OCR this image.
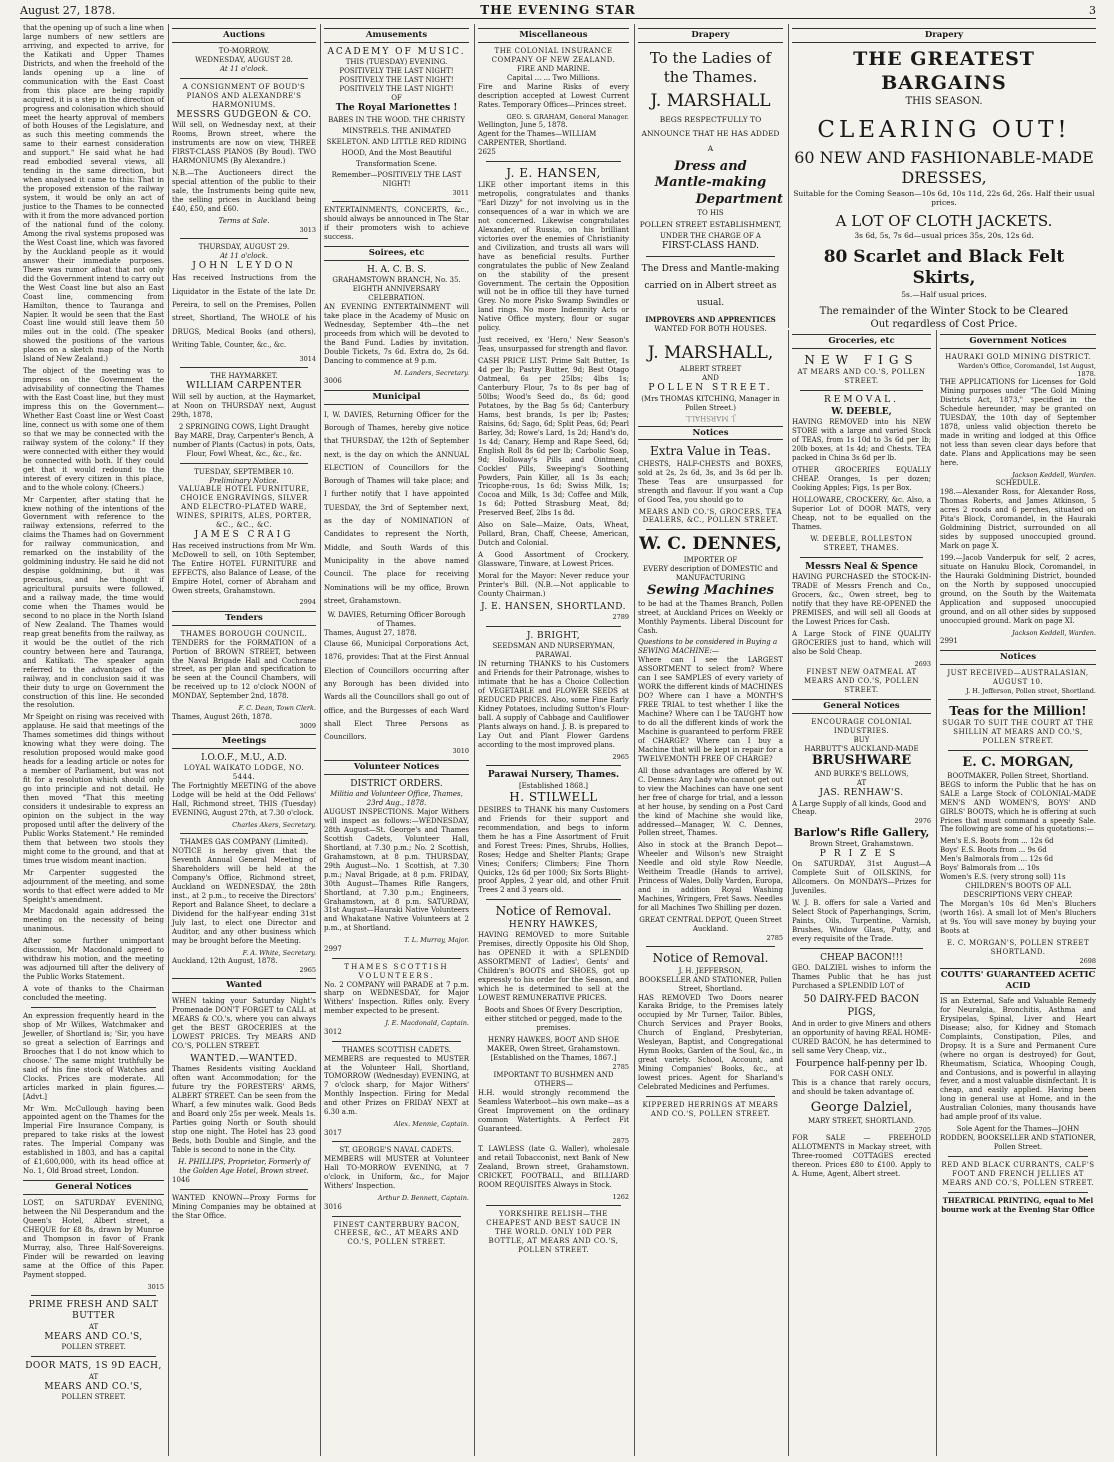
August 27, 1878.	THE EVENING STAR	3

that the opening up of such a line when large numbers of new settlers are arriving, and expected to arrive, for the Katikati and Upper Thames Districts, and when the freehold of the lands opening up a line of communication with the East Coast from this place are being rapidly acquired, it is a step in the direction of progress and colonisation which should meet the hearty approval of members of both Houses of the Legislature, and as such this meeting commends the same to their earnest consideration and support." He said what he had read embodied several views, all tending in the same direction, but when analysed it came to this: That in the proposed extension of the railway system, it would be only an act of justice to the Thames to be connected with it from the more advanced portion of the national fund of the colony. Among the rival systems proposed was the West Coast line, which was favored by the Auckland people as it would answer their immediate purposes. There was rumor afloat that not only did the Government intend to carry out the West Coast line but also an East Coast line, commencing from Hamilton, thence to Tauranga and Napier. It would be seen that the East Coast line would still leave them 50 miles out in the cold. (The speaker showed the positions of the various places on a sketch map of the North Island of New Zealand.)

The object of the meeting was to impress on the Government the advisability of connecting the Thames with the East Coast line, but they must impress this on the Government—Whether East Coast line or West Coast line, connect us with some one of them so that we may be connected with the railway system of the colony." If they were connected with either they would be connected with both. If they could get that it would redound to the interest of every citizen in this place, and to the whole colony. (Cheers.)

Mr Carpenter, after stating that he knew nothing of the intentions of the Government with reference to the railway extensions, referred to the claims the Thames had on Government for railway communication, and remarked on the instability of the goldmining industry. He said he did not despise goldmining, but it was precarious, and he thought if agricultural pursuits were followed, and a railway made, the time would come when the Thames would be second to no place in the North Island of New Zealand. The Thames would reap great benefits from the railway, as it would be the outlet of the rich country between here and Tauranga, and Katikati. The speaker again referred to the advantages of the railway, and in conclusion said it was their duty to urge on Government the construction of this line. He seconded the resolution.

Mr Speight on rising was received with applause. He said that meetings of the Thames sometimes did things without knowing what they were doing. The resolution proposed would make good heads for a leading article or notes for a member of Parliament, but was not fit for a resolution which should only go into principle and not detail. He then moved "That this meeting considers it undesirable to express an opinion on the subject in the way proposed until after the delivery of the Public Works Statement." He reminded them that between two stools they might come to the ground, and that at times true wisdom meant inaction.

Mr Carpenter suggested the adjournment of the meeting, and some words to that effect were added to Mr Speight's amendment.

Mr Macdonald again addressed the meeting on the necessity of being unanimous.

After some further unimportant discussion, Mr Macdonald agreed to withdraw his motion, and the meeting was adjourned till after the delivery of the Public Works Statement.

A vote of thanks to the Chairman concluded the meeting.

An expression frequently heard in the shop of Mr Wilkes, Watchmaker and Jeweller, of Shortland is; 'Sir, you have so great a selection of Earrings and Brooches that I do not know which to choose.' The same might truthfully be said of his fine stock of Watches and Clocks. Prices are moderate. All articles marked in plain figures.—[Advt.]

Mr Wm. McCullough having been appointed agent on the Thames for the Imperial Fire Insurance Company, is prepared to take risks at the lowest rates. The Imperial Company was established in 1803, and has a capital of £1,600,000, with its head office at No. 1, Old Broad street, London.

General Notices

LOST, on SATURDAY EVENING, between the Nil Desperandum and the Queen's Hotel, Albert street, a CHEQUE for £8 8s, drawn by Munroe and Thompson in favor of Frank Murray, also, Three Half-Sovereigns. Finder will be rewarded on leaving same at the Office of this Paper. Payment stopped.

3015
PRIME FRESH AND SALT BUTTER
AT
MEARS AND CO.'S,
POLLEN STREET.
DOOR MATS, 1S 9D EACH,
AT
MEARS AND CO.'S,
POLLEN STREET.
Auctions
TO-MORROW.
WEDNESDAY, AUGUST 28.
At 11 o'clock.
A CONSIGNMENT OF BOUD'S PIANOS AND ALEXANDRE'S HARMONIUMS.
MESSRS GUDGEON & CO.

Will sell, on Wednesday next, at their Rooms, Brown street, where the instruments are now on view, THREE FIRST-CLASS PIANOS (By Boud). TWO HARMONIUMS (By Alexandre.)

N.B.—The Auctioneers direct the special attention of the public to their sale, the Instruments being quite new, the selling prices in Auckland being £40, £50, and £60.

Terms at Sale.
3013
THURSDAY, AUGUST 29.
At 11 o'clock.
JOHN LEYDON

Has received Instructions from the Liquidator in the Estate of the late Dr. Pereira, to sell on the Premises, Pollen street, Shortland, The WHOLE of his DRUGS, Medical Books (and others), Writing Table, Counter, &c., &c.

3014
THE HAYMARKET.
WILLIAM CARPENTER

Will sell by auction, at the Haymarket, at Noon on THURSDAY next, August 29th, 1878,

2 SPRINGING COWS, Light Draught Bay MARE, Dray, Carpenter's Bench, A number of Plants (Cactus) in pots, Oats, Flour, Fowl Wheat, &c., &c., &c.

TUESDAY, SEPTEMBER 10.
Preliminary Notice.
VALUABLE HOTEL FURNITURE, CHOICE ENGRAVINGS, SILVER AND ELECTRO-PLATED WARE, WINES, SPIRITS, ALES, PORTER, &C., &C., &C.
JAMES CRAIG

Has received instructions from Mr Wm. McDowell to sell, on 10th September, The Entire HOTEL FURNITURE and EFFECTS, also Balance of Lease, of the Empire Hotel, corner of Abraham and Owen streets, Grahamstown.

2994
Tenders
THAMES BOROUGH COUNCIL.

TENDERS for the FORMATION of a Portion of BROWN STREET, between the Naval Brigade Hall and Cochrane street, as per plan and specification to be seen at the Council Chambers, will be received up to 12 o'clock NOON of MONDAY, September 2nd, 1878.

F. C. Dean, Town Clerk.
Thames, August 26th, 1878.
3009
Meetings
I.O.O.F., M.U., A.D.
LOYAL WAIKATO LODGE, NO. 5444.

The Fortnightly MEETING of the above Lodge will be held at the Odd Fellows' Hall, Richmond street, THIS (Tuesday) EVENING, August 27th, at 7.30 o'clock.

Charles Akers, Secretary.
THAMES GAS COMPANY (Limited).

NOTICE is hereby given that the Seventh Annual General Meeting of Shareholders will be held at the Company's Office, Richmond street, Auckland on WEDNESDAY, the 28th inst., at 2 p.m., to receive the Directors' Report and Balance Sheet, to declare a Dividend for the half-year ending 31st July last, to elect one Director and Auditor, and any other business which may be brought before the Meeting.

F. A. White, Secretary.
Auckland, 12th August, 1878.
2965
Wanted

WHEN taking your Saturday Night's Promenade DON'T FORGET to CALL at MEARS & CO.'s, where you can always get the BEST GROCERIES at the LOWEST PRICES. Try MEARS AND CO.'S, POLLEN STREET.

WANTED.—WANTED.

Thames Residents visiting Auckland often want Accommodation; for the future try the FORESTERS' ARMS, ALBERT STREET. Can be seen from the Wharf, a few minutes walk. Good Beds and Board only 25s per week. Meals 1s. Parties going North or South should stop one night. The Hotel has 23 good Beds, both Double and Single, and the Table is second to none in the City.

H. PHILLIPS, Proprietor, Formerly of the Golden Age Hotel, Brown street.
1046

WANTED KNOWN—Proxy Forms for Mining Companies may be obtained at the Star Office.

Amusements
ACADEMY OF MUSIC.
THIS (TUESDAY) EVENING.
POSITIVELY THE LAST NIGHT! POSITIVELY THE LAST NIGHT! POSITIVELY THE LAST NIGHT!
OF
The Royal Marionettes !
BABES IN THE WOOD. THE CHRISTY MINSTRELS. THE ANIMATED SKELETON. AND LITTLE RED RIDING HOOD, And the Most Beautiful Transformation Scene.
Remember—POSITIVELY THE LAST NIGHT!
3011

ENTERTAINMENTS, CONCERTS, &c., should always be announced in The Star if their promoters wish to achieve success.

Soirees, etc
H. A. C. B. S.
GRAHAMSTOWN BRANCH, No. 35.
EIGHTH ANNIVERSARY CELEBRATION.

AN EVENING ENTERTAINMENT will take place in the Academy of Music on Wednesday, September 4th—the net proceeds from which will be devoted to the Band Fund. Ladies by invitation. Double Tickets, 7s 6d. Extra do, 2s 6d. Dancing to commence at 9 p.m.

M. Landers, Secretary.
3006
Municipal

I, W. DAVIES, Returning Officer for the Borough of Thames, hereby give notice that THURSDAY, the 12th of September next, is the day on which the ANNUAL ELECTION of Councillors for the Borough of Thames will take place; and I further notify that I have appointed TUESDAY, the 3rd of September next, as the day of NOMINATION of Candidates to represent the North, Middle, and South Wards of this Municipality in the above named Council. The place for receiving Nominations will be my office, Brown street, Grahamstown.

W. DAVIES, Returning Officer Borough of Thames.
Thames, August 27, 1878.

Clause 66, Municipal Corporations Act, 1876, provides: That at the First Annual Election of Councillors occurring after any Borough has been divided into Wards all the Councillors shall go out of office, and the Burgesses of each Ward shall Elect Three Persons as Councillors.

3010
Volunteer Notices
DISTRICT ORDERS.
Militia and Volunteer Office, Thames, 23rd Aug., 1878.

AUGUST INSPECTIONS. Major Withers will inspect as follows:—WEDNESDAY, 28th August—St. George's and Thames Scottish Cadets, Volunteer Hall, Shortland, at 7.30 p.m.; No. 2 Scottish, Grahamstown, at 8 p.m. THURSDAY, 29th August—No. 1 Scottish, at 7.30 p.m.; Naval Brigade, at 8 p.m. FRIDAY, 30th August—Thames Rifle Rangers, Shortland, at 7.30 p.m.; Engineers, Grahamstown, at 8 p.m. SATURDAY, 31st August—Hauraki Native Volunteers and Whakatane Native Volunteers at 2 p.m., at Shortland.

T. L. Murray, Major.
2997
THAMES SCOTTISH VOLUNTEERS.

No. 2 COMPANY will PARADE at 7 p.m. sharp on WEDNESDAY, for Major Withers' Inspection. Rifles only. Every member expected to be present.

J. E. Macdonald, Captain.
3012
THAMES SCOTTISH CADETS.

MEMBERS are requested to MUSTER at the Volunteer Hall, Shortland, TOMORROW (Wednesday) EVENING, at 7 o'clock sharp, for Major Withers' Monthly Inspection. Firing for Medal and other Prizes on FRIDAY NEXT at 6.30 a.m.

Alex. Mennie, Captain.
3017
ST. GEORGE'S NAVAL CADETS.

MEMBERS will MUSTER at Volunteer Hall TO-MORROW EVENING, at 7 o'clock, in Uniform, &c., for Major Withers' Inspection.

Arthur D. Bennett, Captain.
3016
FINEST CANTERBURY BACON, CHEESE, &C., AT MEARS AND CO.'S, POLLEN STREET.
Miscellaneous
THE COLONIAL INSURANCE COMPANY OF NEW ZEALAND.
FIRE AND MARINE.
Capital ... ... Two Millions.

Fire and Marine Risks of every description accepted at Lowest Current Rates. Temporary Offices—Princes street.

GEO. S. GRAHAM, General Manager.
Wellington, June 5, 1878.
Agent for the Thames—WILLIAM CARPENTER, Shortland.
2625
J. E. HANSEN,

LIKE other important items in this metropolis, congratulates and thanks "Earl Dizzy" for not involving us in the consequences of a war in which we are not concerned. Likewise congratulates Alexander, of Russia, on his brilliant victories over the enemies of Christianity and Civilization, and trusts all wars will have as beneficial results. Further congratulates the public of New Zealand on the stability of the present Government. The certain the Opposition will not be in office till they have turned Grey. No more Pisko Swamp Swindles or land rings. No more Indemnity Acts or Native Office mystery, flour or sugar policy.

Just received, ex 'Hero,' New Season's Teas, unsurpassed for strength and flavor.

CASH PRICE LIST. Prime Salt Butter, 1s 4d per lb; Pastry Butter, 9d; Best Otago Oatmeal, 6s per 25lbs; 4lbs 1s; Canterbury Flour, 7s to 8s per bag of 50lbs; Wood's Seed do., 8s 6d; good Potatoes, by the Bag 5s 6d; Canterbury Hams, best brands, 1s per lb; Pastes; Raisins, 6d; Sago, 6d; Split Peas, 6d; Pearl Barley, 3d; Rowe's Lard, 1s 2d; Hand's do, 1s 4d; Canary, Hemp and Rape Seed, 6d; English Roll 8s 6d per lb; Carbolic Soap, 9d; Holloway's Pills and Ointment, Cockles' Pills, Sweeping's Soothing Powders, Pain Killer, all 1s 3s each; Tricophe-rous, 1s 6d; Swiss Milk, 1s; Cocoa and Milk, 1s 3d; Coffee and Milk, 1s 6d; Potted Strasburg Meat, 8d; Preserved Beef, 2lbs 1s 8d.

Also on Sale—Maize, Oats, Wheat, Pollard, Bran, Chaff, Cheese, American, Dutch and Colonial.

A Good Assortment of Crockery, Glassware, Tinware, at Lowest Prices.

Moral for the Mayor: Never reduce your Printer's Bill. (N.B.—Not applicable to County Chairman.)

J. E. HANSEN, SHORTLAND.
2789
J. BRIGHT,
SEEDSMAN AND NURSERYMAN, PARAWAI.

IN returning THANKS to his Customers and Friends for their Patronage, wishes to intimate that he has a Choice Collection of VEGETABLE and FLOWER SEEDS at REDUCED PRICES. Also, some Fine Early Kidney Potatoes, including Sutton's Flour-ball. A supply of Cabbage and Cauliflower Plants always on hand. J. B. is prepared to Lay Out and Plant Flower Gardens according to the most improved plans.

2965
Parawai Nursery, Thames.
[Established 1868.]
H. STILWELL

DESIRES to THANK his many Customers and Friends for their support and recommendation, and begs to inform them he has a Fine Assortment of Fruit and Forest Trees: Pines, Shrubs, Hollies, Roses; Hedge and Shelter Plants; Grape Vines; Conifers; Climbers; Fine Thorn Quicks, 12s 6d per 1000; Six Sorts Blight-proof Apples, 2 year old, and other Fruit Trees 2 and 3 years old.

Notice of Removal.
HENRY HAWKES,

HAVING REMOVED to more Suitable Premises, directly Opposite his Old Shop, has OPENED it with a SPLENDID ASSORTMENT of Ladies', Gents' and Children's BOOTS and SHOES, got up expressly to his order for the Season, and which he is determined to sell at the LOWEST REMUNERATIVE PRICES.

Boots and Shoes Of Every Description, either stitched or pegged, made to the premises.

HENRY HAWKES, BOOT AND SHOE MAKER, Owen Street, Grahamstown.
[Established on the Thames, 1867.]
2785
IMPORTANT TO BUSHMEN AND OTHERS—

H.H. would strongly recommend the Seamless Waterboot—his own make—as a Great Improvement on the ordinary common Watertights. A Perfect Fit Guaranteed.

2875

T. LAWLESS (late G. Waller), wholesale and retail Tobacconist, next Bank of New Zealand, Brown street, Grahamstown. CRICKET, FOOTBALL, and BILLIARD ROOM REQUISITES Always in Stock.

1262
YORKSHIRE RELISH—THE CHEAPEST AND BEST SAUCE IN THE WORLD. ONLY 10D PER BOTTLE, AT MEARS AND CO.'S, POLLEN STREET.
Drapery
To the Ladies of
the Thames.
J. MARSHALL

BEGS RESPECTFULLY TO ANNOUNCE THAT HE HAS ADDED A

Dress and
Mantle-making
Department
TO HIS
POLLEN STREET ESTABLISHMENT,
UNDER THE CHARGE OF A
FIRST-CLASS HAND.

The Dress and Mantle-making carried on in Albert street as usual.

IMPROVERS AND APPRENTICES
WANTED FOR BOTH HOUSES.
J. MARSHALL,
ALBERT STREET
AND
POLLEN STREET.
(Mrs THOMAS KITCHING, Manager in Pollen Street.)
J. MARSHALL
Notices
Extra Value in Teas.

CHESTS, HALF-CHESTS and BOXES, sold at 2s, 2s 6d, 3s, and 3s 6d per lb. These Teas are unsurpassed for strength and flavour. If you want a Cup of Good Tea, you should go to

MEARS AND CO.'S, GROCERS, TEA DEALERS, &C., POLLEN STREET.
W. C. DENNES,
IMPORTER OF
EVERY description of DOMESTIC and MANUFACTURING
Sewing Machines

to be had at the Thames Branch, Pollen street, at Auckland Prices on Weekly or Monthly Payments. Liberal Discount for Cash.

Questions to be considered in Buying a SEWING MACHINE:—

Where can I see the LARGEST ASSORTMENT to select from? Where can I see SAMPLES of every variety of WORK the different kinds of MACHINES DO? Where can I have a MONTH'S FREE TRIAL to test whether I like the Machine? Where can I be TAUGHT how to do all the different kinds of work the Machine is guaranteed to perform FREE of CHARGE? Where can I buy a Machine that will be kept in repair for a TWELVEMONTH FREE OF CHARGE?

All those advantages are offered by W. C. Dennes: Any Lady who cannot get out to view the Machines can have one sent her free of charge for trial, and a lesson at her house, by sending on a Post Card the kind of Machine she would like, addressed—Manager, W. C. Dennes, Pollen street, Thames.

Also in stock at the Branch Depot—Wheeler and Wilson's new Straight Needle and old style Row Needle, Weitheim Treadle (Hands to arrive), Princess of Wales, Dolly Varden, Europa, and in addition Royal Washing Machines, Wringers, Fret Saws. Needles for all Machines Two Shilling per dozen.

GREAT CENTRAL DEPOT, Queen Street Auckland.
2785
Notice of Removal.
J. H. JEFFERSON,
BOOKSELLER AND STATIONER, Pollen Street, Shortland.

HAS REMOVED Two Doors nearer Karaka Bridge, to the Premises lately occupied by Mr Turner, Tailor. Bibles, Church Services and Prayer Books, Church of England, Presbyterian, Wesleyan, Baptist, and Congregational Hymn Books, Garden of the Soul, &c., in great variety. School, Account, and Mining Companies' Books, &c., at lowest prices. Agent for Sharland's Celebrated Medicines and Perfumes.

KIPPERED HERRINGS AT MEARS AND CO.'S, POLLEN STREET.
Drapery
THE GREATEST BARGAINS
THIS SEASON.
CLEARING OUT!
60 NEW AND FASHIONABLE-MADE DRESSES,
Suitable for the Coming Season—10s 6d, 10s 11d, 22s 6d, 26s. Half their usual prices.
A LOT OF CLOTH JACKETS.
3s 6d, 5s, 7s 6d—usual prices 35s, 20s, 12s 6d.
80 Scarlet and Black Felt Skirts,
5s.—Half usual prices.
The remainder of the Winter Stock to be Cleared Out regardless of Cost Price.
Groceries, etc
NEW FIGS
AT MEARS AND CO.'S, POLLEN STREET.
REMOVAL.
W. DEEBLE,

HAVING REMOVED into his NEW STORE with a large and varied Stock of TEAS, from 1s 10d to 3s 6d per lb; 20lb boxes, at 1s 4d; and Chests. TEA packed in China 3s 6d per lb.

OTHER GROCERIES EQUALLY CHEAP. Oranges, 1s per dozen; Cooking Apples; Figs, 1s per Box.

HOLLOWARE, CROCKERY, &c. Also, a Superior Lot of DOOR MATS, very Cheap, not to be equalled on the Thames.

W. DEEBLE, ROLLESTON STREET, THAMES.
Messrs Neal & Spence

HAVING PURCHASED the STOCK-IN-TRADE of Messrs French and Co., Grocers, &c., Owen street, beg to notify that they have RE-OPENED the PREMISES, and will sell all Goods at the Lowest Prices for Cash.

A Large Stock of FINE QUALITY GROCERIES just to hand, which will also be Sold Cheap.

2693
FINEST NEW OATMEAL AT MEARS AND CO.'S, POLLEN STREET.
General Notices
ENCOURAGE COLONIAL INDUSTRIES.
BUY
HARBUTT'S AUCKLAND-MADE
BRUSHWARE
AND BURKE'S BELLOWS,
AT
JAS. RENHAW'S.
A Large Supply of all kinds, Good and Cheap.
2976
Barlow's Rifle Gallery,
Brown Street, Grahamstown.
PRIZES

On SATURDAY, 31st August—A Complete Suit of OILSKINS, for Allcomers. On MONDAYS—Prizes for Juveniles.

W. J. B. offers for sale a Varied and Select Stock of Paperhangings, Scrim, Paints, Oils, Turpentine, Varnish, Brushes, Window Glass, Putty, and every requisite of the Trade.

CHEAP BACON!!!

GEO. DALZIEL wishes to inform the Thames Public that he has just Purchased a SPLENDID LOT of

50 DAIRY-FED BACON PIGS,

And in order to give Miners and others an opportunity of having REAL HOME-CURED BACON, he has determined to sell same Very Cheap, viz.,

Fourpence half-penny per lb.
FOR CASH ONLY.

This is a chance that rarely occurs, and should be taken advantage of.

George Dalziel,
MARY STREET, SHORTLAND.
2705

FOR SALE — FREEHOLD ALLOTMENTS in Mackay street, with Three-roomed COTTAGES erected thereon. Prices £80 to £100. Apply to A. Hume, Agent, Albert street.

Government Notices
HAURAKI GOLD MINING DISTRICT.
Warden's Office, Coromandel, 1st August, 1878.

THE APPLICATIONS for Licenses for Gold Mining purposes under "The Gold Mining Districts Act, 1873," specified in the Schedule hereunder, may be granted on TUESDAY, the 10th day of September 1878, unless valid objection thereto be made in writing and lodged at this Office not less than seven clear days before that date. Plans and Applications may be seen here.

Jackson Keddell, Warden.
SCHEDULE.

198.—Alexander Ross, for Alexander Ross, Thomas Roberts, and James Atkinson, 5 acres 2 roods and 6 perches, situated on Pita's Block, Coromandel, in the Hauraki Goldmining District, surrounded on all sides by supposed unoccupied ground. Mark on page X.

199.—Jacob Vanderpuk for self, 2 acres, situate on Hanuku Block, Coromandel, in the Hauraki Goldmining District, bounded on the North by supposed unoccupied ground, on the South by the Waitemata Application and supposed unoccupied ground, and on all other sides by supposed unoccupied ground. Mark on page XI.

Jackson Keddell, Warden.
2991
Notices
JUST RECEIVED—AUSTRALASIAN, AUGUST 10.
J. H. Jefferson, Pollen street, Shortland.
Teas for the Million!
SUGAR TO SUIT THE COURT AT THE SHILLIN AT MEARS AND CO.'S, POLLEN STREET.
E. C. MORGAN,
BOOTMAKER, Pollen Street, Shortland.

BEGS to inform the Public that he has on SALE a Large Stock of COLONIAL-MADE MEN'S AND WOMEN'S, BOYS' AND GIRLS' BOOTS, which he is offering at such Prices that must command a speedy Sale. The following are some of his quotations:—

Men's E.S. Boots from ... 12s 6d
Boys' E.S. Boots from ... 9s 6d
Men's Balmorals from ... 12s 6d
Boys' Balmorals from ... 10s
Women's E.S. (very strong soll) 11s
CHILDREN'S BOOTS OF ALL DESCRIPTIONS VERY CHEAP.

The Morgan's 10s 6d Men's Bluchers (worth 16s). A small lot of Men's Bluchers at 9s. You will save money by buying your Boots at

E. C. MORGAN'S, POLLEN STREET SHORTLAND.
2698
COUTTS' GUARANTEED ACETIC ACID

IS an External, Safe and Valuable Remedy for Neuralgia, Bronchitis, Asthma and Erysipelas, Spinal, Liver and Heart Disease; also, for Kidney and Stomach Complaints, Constipation, Piles, and Dropsy. It is a Sure and Permanent Cure (where no organ is destroyed) for Gout, Rheumatism, Sciatica, Whooping Cough, and Contusions, and is powerful in allaying fever, and a most valuable disinfectant. It is cheap, and easily applied. Having been long in general use at Home, and in the Australian Colonies, many thousands have had ample proof of its value.

Sole Agent for the Thames—JOHN RODDEN, BOOKSELLER AND STATIONER, Pollen Street.
RED AND BLACK CURRANTS, CALF'S FOOT AND FRENCH JELLIES AT MEARS AND CO.'S, POLLEN STREET.
THEATRICAL PRINTING, equal to Mel bourne work at the Evening Star Office
